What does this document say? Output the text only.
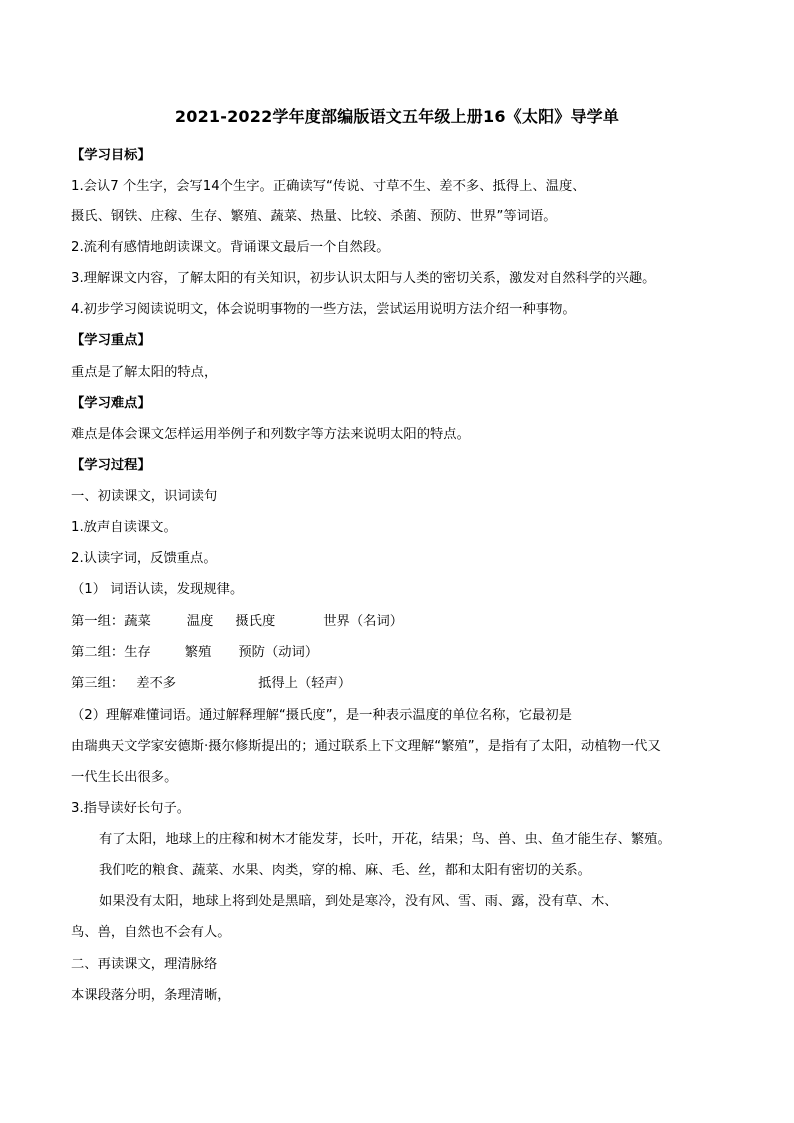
2021-2022学年度部编版语文五年级上册16《太阳》导学单
【学习目标】
1.会认7 个生字，会写14个生字。正确读写“传说、寸草不生、差不多、抵得上、温度、
摄氏、钢铁、庄稼、生存、繁殖、蔬菜、热量、比较、杀菌、预防、世界”等词语。
2.流利有感情地朗读课文。背诵课文最后一个自然段。
3.理解课文内容，了解太阳的有关知识，初步认识太阳与人类的密切关系，激发对自然科学的兴趣。
4.初步学习阅读说明文，体会说明事物的一些方法，尝试运用说明方法介绍一种事物。
【学习重点】
重点是了解太阳的特点，
【学习难点】
难点是体会课文怎样运用举例子和列数字等方法来说明太阳的特点。
【学习过程】
一、初读课文，识词读句
1.放声自读课文。
2.认读字词，反馈重点。
（1） 词语认读，发现规律。
第一组：蔬菜	温度 摄氏度	世界（名词）
第二组：生存	繁殖 预防（动词）
第三组： 差不多	抵得上（轻声）
（2）理解难懂词语。通过解释理解“摄氏度”，是一种表示温度的单位名称，它最初是
由瑞典天文学家安德斯·摄尔修斯提出的；通过联系上下文理解“繁殖”，是指有了太阳，动植物一代又
一代生长出很多。
3.指导读好长句子。
有了太阳，地球上的庄稼和树木才能发芽，长叶，开花，结果；鸟、兽、虫、鱼才能生存、繁殖。
我们吃的粮食、蔬菜、水果、肉类，穿的棉、麻、毛、丝，都和太阳有密切的关系。
如果没有太阳，地球上将到处是黑暗，到处是寒冷，没有风、雪、雨、露，没有草、木、
鸟、兽，自然也不会有人。
二、再读课文，理清脉络
本课段落分明，条理清晰，
